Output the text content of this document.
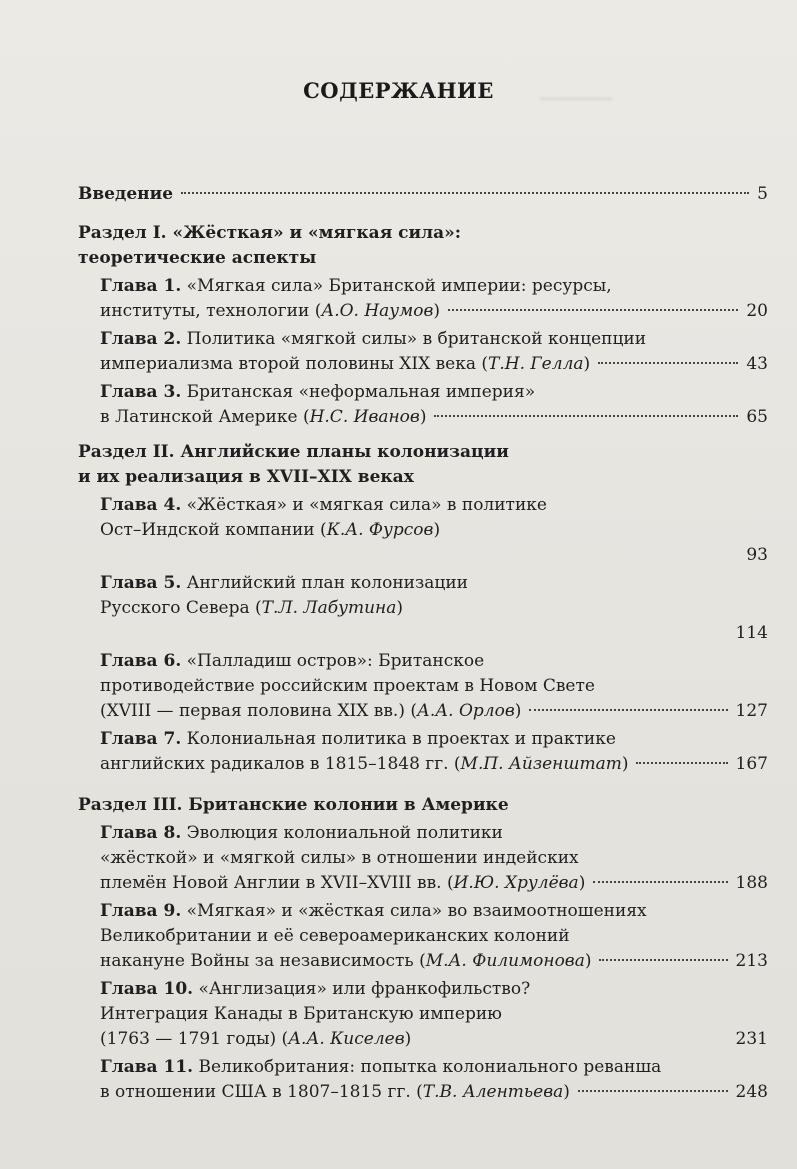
────────
СОДЕРЖАНИЕ
Введение	5
Раздел I. «Жёсткая» и «мягкая сила»:
теоретические аспекты
Глава 1. «Мягкая сила» Британской империи: ресурсы,
институты, технологии (А.О. Наумов)	20
Глава 2. Политика «мягкой силы» в британской концепции
империализма второй половины XIX века (Т.Н. Гелла)	43
Глава 3. Британская «неформальная империя»
в Латинской Америке (Н.С. Иванов)	65
Раздел II. Английские планы колонизации
и их реализация в XVII–XIX веках
Глава 4. «Жёсткая» и «мягкая сила» в политике
Ост–Индской компании (К.А. Фурсов)
93
Глава 5. Английский план колонизации
Русского Севера (Т.Л. Лабутина)
114
Глава 6. «Палладиш остров»: Британское
противодействие российским проектам в Новом Свете
(XVIII — первая половина XIX вв.) (А.А. Орлов)	127
Глава 7. Колониальная политика в проектах и практике
английских радикалов в 1815–1848 гг. (М.П. Айзенштат)	167
Раздел III. Британские колонии в Америке
Глава 8. Эволюция колониальной политики
«жёсткой» и «мягкой силы» в отношении индейских
племён Новой Англии в XVII–XVIII вв. (И.Ю. Хрулёва)	188
Глава 9. «Мягкая» и «жёсткая сила» во взаимоотношениях
Великобритании и её североамериканских колоний
накануне Войны за независимость (М.А. Филимонова)	213
Глава 10. «Англизация» или франкофильство?
Интеграция Канады в Британскую империю
(1763 — 1791 годы) (А.А. Киселев)	231
Глава 11. Великобритания: попытка колониального реванша
в отношении США в 1807–1815 гг. (Т.В. Алентьева)	248
